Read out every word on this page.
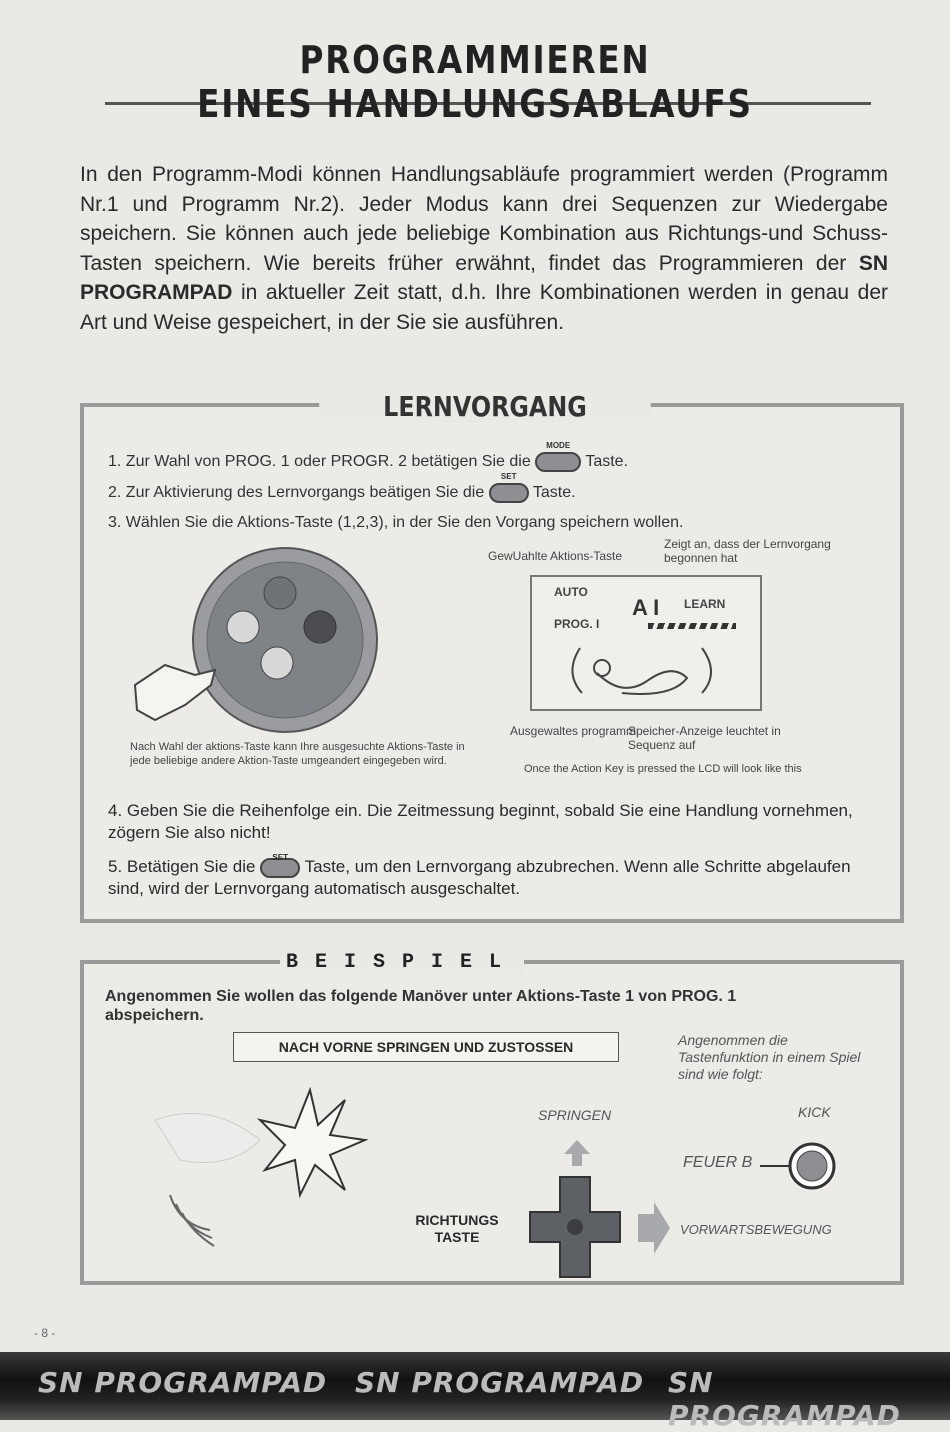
PROGRAMMIEREN
EINES HANDLUNGSABLAUFS
In den Programm-Modi können Handlungsabläufe programmiert werden (Programm Nr.1 und Programm Nr.2). Jeder Modus kann drei Sequenzen zur Wiedergabe speichern. Sie können auch jede beliebige Kombination aus Richtungs-und Schuss-Tasten speichern. Wie bereits früher erwähnt, findet das Programmieren der SN PROGRAMPAD in aktueller Zeit statt, d.h. Ihre Kombinationen werden in genau der Art und Weise gespeichert, in der Sie sie ausführen.
LERNVORGANG
1. Zur Wahl von PROG. 1 oder PROGR. 2 betätigen Sie die
MODE
Taste.
2. Zur Aktivierung des Lernvorgangs beätigen Sie die
SET
Taste.
3. Wählen Sie die Aktions-Taste (1,2,3), in der Sie den Vorgang speichern wollen.
GewUahlte Aktions-Taste
Zeigt an, dass der Lernvorgang begonnen hat
AUTO
A I LEARN
PROG. I
Ausgewaltes programm
Speicher-Anzeige leuchtet in Sequenz auf
Once the Action Key is pressed the LCD will look like this
Nach Wahl der aktions-Taste kann Ihre ausgesuchte Aktions-Taste in jede beliebige andere Aktion-Taste umgeandert eingegeben wird.
4. Geben Sie die Reihenfolge ein. Die Zeitmessung beginnt, sobald Sie eine Handlung vornehmen, zögern Sie also nicht!
5. Betätigen Sie die	SET Taste, um den Lernvorgang abzubrechen. Wenn alle Schritte abgelaufen sind, wird der Lernvorgang automatisch ausgeschaltet.
BEISPIEL
Angenommen Sie wollen das folgende Manöver unter Aktions-Taste 1 von PROG. 1 abspeichern.
NACH VORNE SPRINGEN UND ZUSTOSSEN	Angenommen die Tastenfunktion in einem Spiel sind wie folgt:
SPRINGEN	KICK
FEUER B
RICHTUNGS TASTE	VORWARTSBEWEGUNG
- 8 -
SN PROGRAMPAD SN PROGRAMPAD SN PROGRAMPAD
